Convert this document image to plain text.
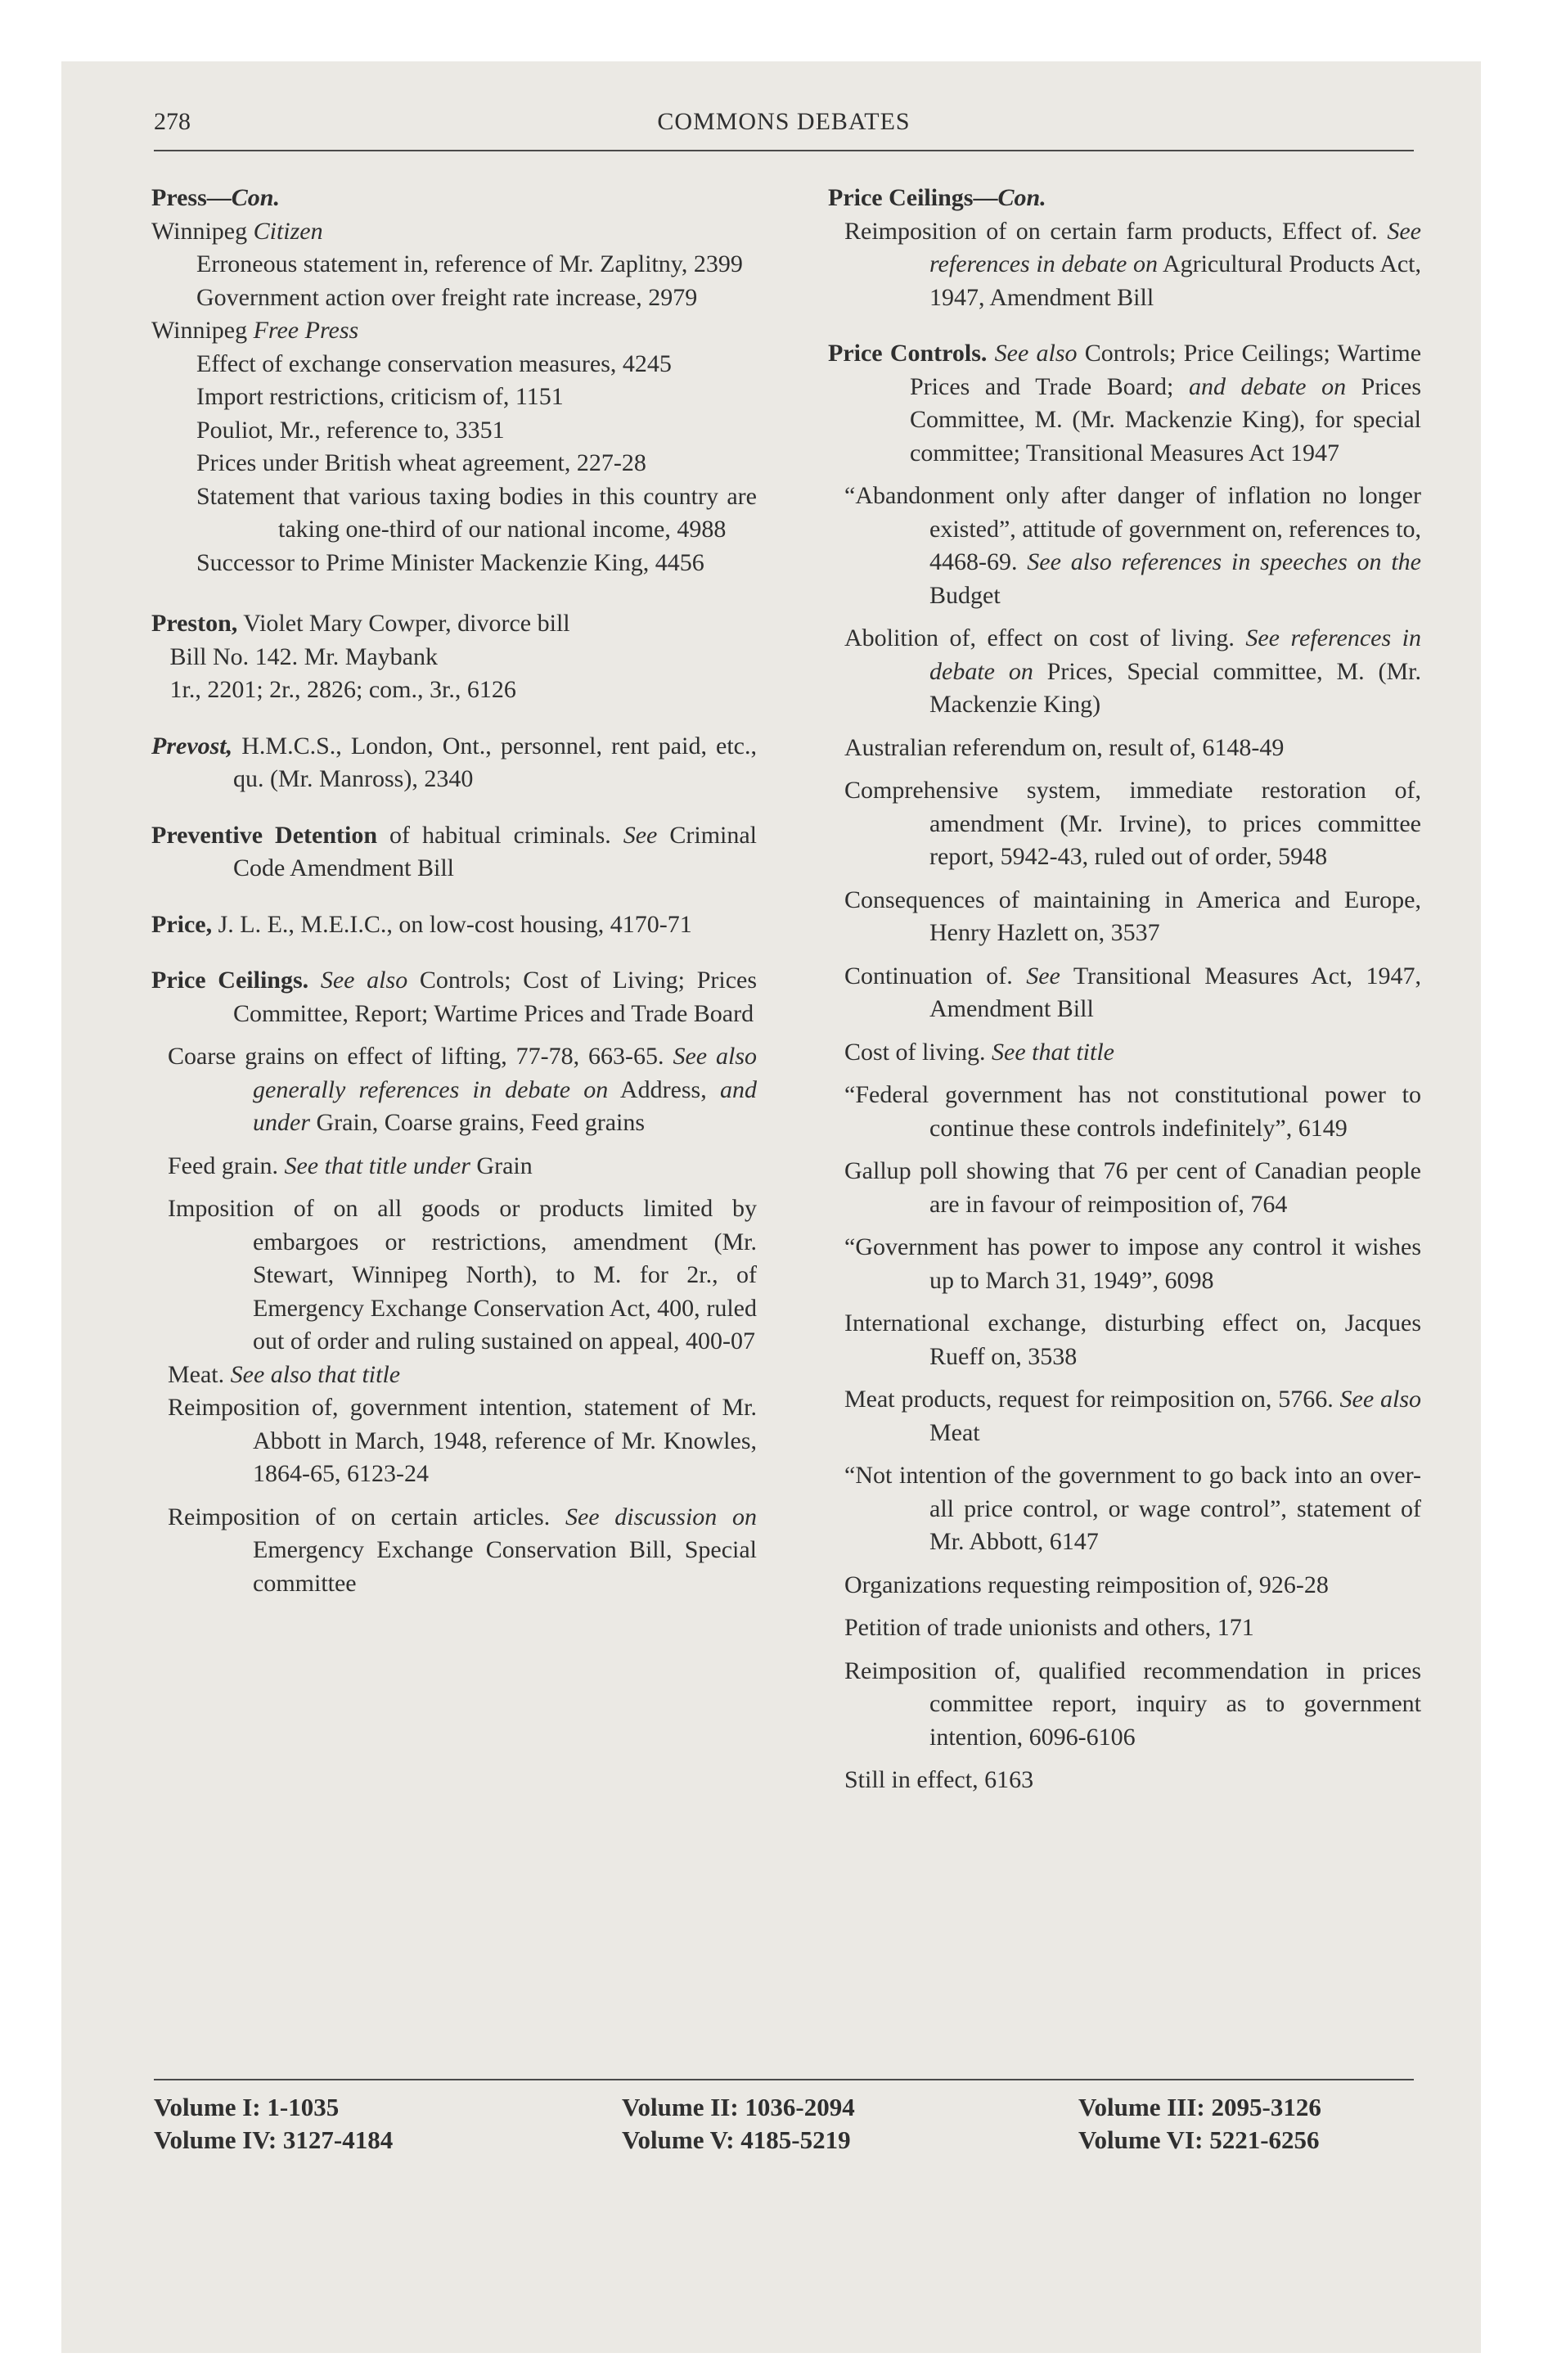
278	COMMONS DEBATES

Press—Con.

Winnipeg Citizen

Erroneous statement in, reference of Mr. Zaplitny, 2399

Government action over freight rate increase, 2979

Winnipeg Free Press

Effect of exchange conservation measures, 4245

Import restrictions, criticism of, 1151

Pouliot, Mr., reference to, 3351

Prices under British wheat agreement, 227-28

Statement that various taxing bodies in this country are taking one-third of our national income, 4988

Successor to Prime Minister Mackenzie King, 4456

Preston, Violet Mary Cowper, divorce bill

Bill No. 142. Mr. Maybank

1r., 2201; 2r., 2826; com., 3r., 6126

Prevost, H.M.C.S., London, Ont., personnel, rent paid, etc., qu. (Mr. Manross), 2340

Preventive Detention of habitual criminals. See Criminal Code Amendment Bill

Price, J. L. E., M.E.I.C., on low-cost housing, 4170-71

Price Ceilings. See also Controls; Cost of Living; Prices Committee, Report; Wartime Prices and Trade Board

Coarse grains on effect of lifting, 77-78, 663-65. See also generally references in debate on Address, and under Grain, Coarse grains, Feed grains

Feed grain. See that title under Grain

Imposition of on all goods or products limited by embargoes or restrictions, amendment (Mr. Stewart, Winnipeg North), to M. for 2r., of Emergency Exchange Conservation Act, 400, ruled out of order and ruling sustained on appeal, 400-07

Meat. See also that title

Reimposition of, government intention, statement of Mr. Abbott in March, 1948, reference of Mr. Knowles, 1864-65, 6123-24

Reimposition of on certain articles. See discussion on Emergency Exchange Conservation Bill, Special committee

Price Ceilings—Con.

Reimposition of on certain farm products, Effect of. See references in debate on Agricultural Products Act, 1947, Amendment Bill

Price Controls. See also Controls; Price Ceilings; Wartime Prices and Trade Board; and debate on Prices Committee, M. (Mr. Mackenzie King), for special committee; Transitional Measures Act 1947

“Abandonment only after danger of inflation no longer existed”, attitude of government on, references to, 4468-69. See also references in speeches on the Budget

Abolition of, effect on cost of living. See references in debate on Prices, Special committee, M. (Mr. Mackenzie King)

Australian referendum on, result of, 6148-49

Comprehensive system, immediate restoration of, amendment (Mr. Irvine), to prices committee report, 5942-43, ruled out of order, 5948

Consequences of maintaining in America and Europe, Henry Hazlett on, 3537

Continuation of. See Transitional Measures Act, 1947, Amendment Bill

Cost of living. See that title

“Federal government has not constitutional power to continue these controls indefinitely”, 6149

Gallup poll showing that 76 per cent of Canadian people are in favour of reimposition of, 764

“Government has power to impose any control it wishes up to March 31, 1949”, 6098

International exchange, disturbing effect on, Jacques Rueff on, 3538

Meat products, request for reimposition on, 5766. See also Meat

“Not intention of the government to go back into an over-all price control, or wage control”, statement of Mr. Abbott, 6147

Organizations requesting reimposition of, 926-28

Petition of trade unionists and others, 171

Reimposition of, qualified recommendation in prices committee report, inquiry as to government intention, 6096-6106

Still in effect, 6163

Volume I: 1-1035
Volume IV: 3127-4184
Volume II: 1036-2094
Volume V: 4185-5219
Volume III: 2095-3126
Volume VI: 5221-6256
